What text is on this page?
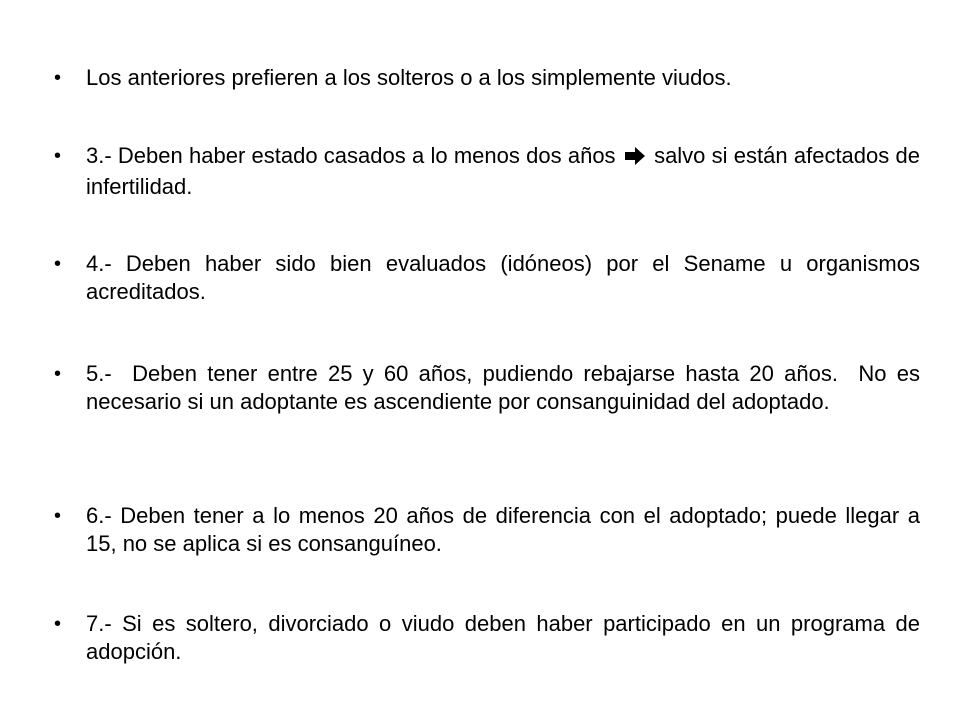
•	Los anteriores prefieren a los solteros o a los simplemente viudos.
•	3.- Deben haber estado casados a lo menos dos años salvo si están afectados de infertilidad.
•	4.- Deben haber sido bien evaluados (idóneos) por el Sename u organismos acreditados.
•	5.-  Deben tener entre 25 y 60 años, pudiendo rebajarse hasta 20 años.  No es necesario si un adoptante es ascendiente por consanguinidad del adoptado.
•	6.- Deben tener a lo menos 20 años de diferencia con el adoptado; puede llegar a 15, no se aplica si es consanguíneo.
•	7.- Si es soltero, divorciado o viudo deben haber participado en un programa de adopción.
